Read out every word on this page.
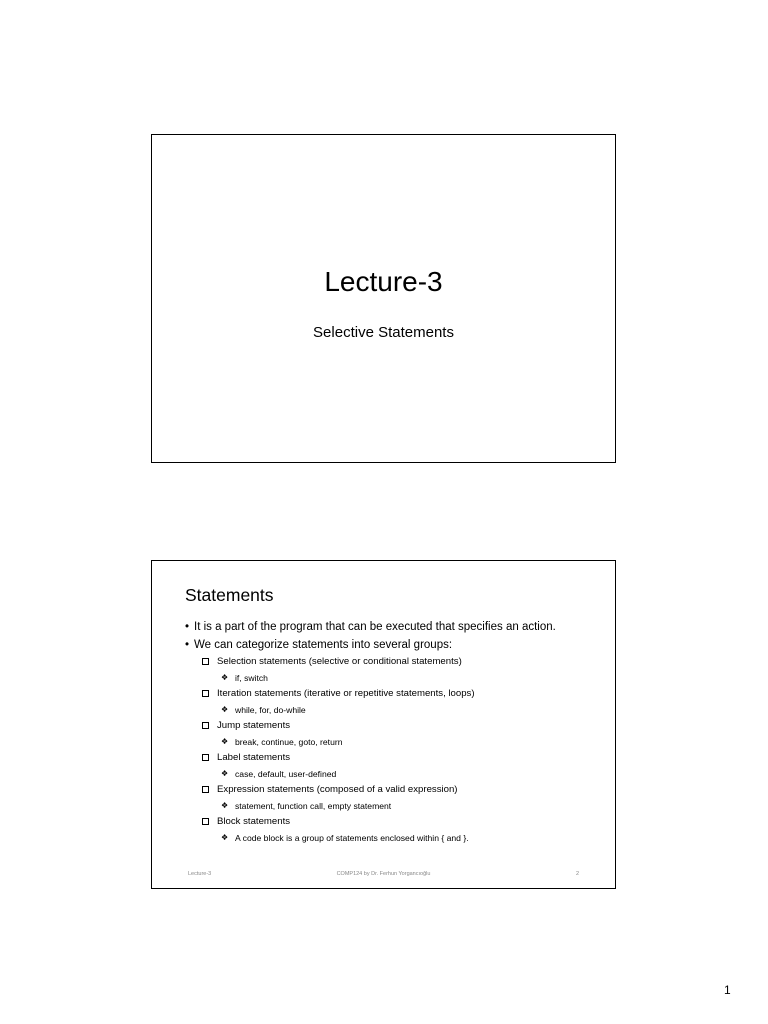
Lecture-3
Selective Statements
Statements
• It is a part of the program that can be executed that specifies an action.
• We can categorize statements into several groups:
Selection statements (selective or conditional statements)
❖ if, switch
Iteration statements (iterative or repetitive statements, loops)
❖ while, for, do-while
Jump statements
❖ break, continue, goto, return
Label statements
❖ case, default, user-defined
Expression statements (composed of a valid expression)
❖ statement, function call, empty statement
Block statements
❖ A code block is a group of statements enclosed within { and }.
Lecture-3	COMP124 by Dr. Ferhun Yorgancıoğlu	2
1
